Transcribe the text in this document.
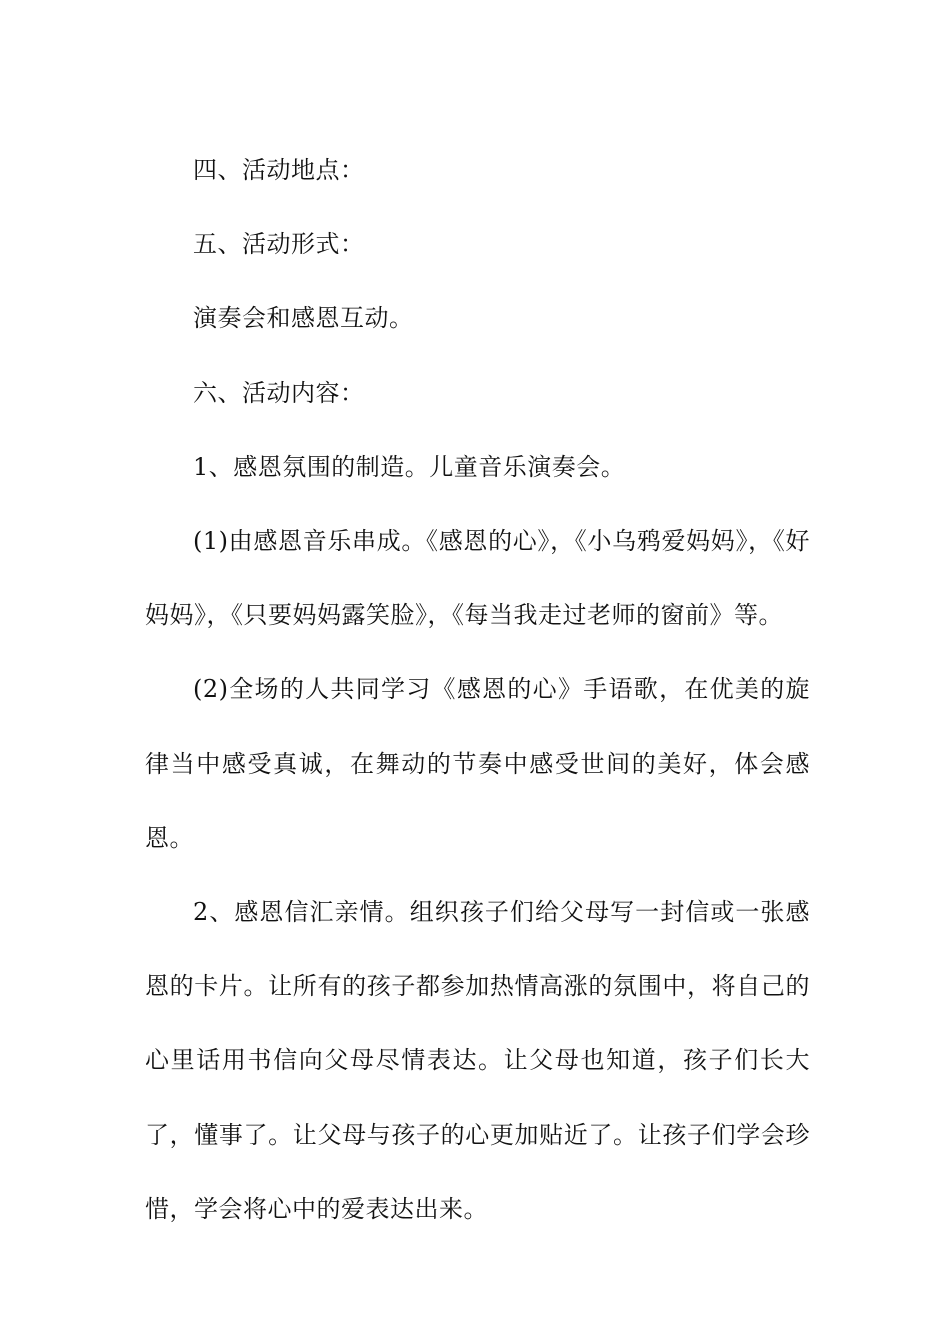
四、活动地点：

五、活动形式：

演奏会和感恩互动。

六、活动内容：

1、感恩氛围的制造。儿童音乐演奏会。

(1)由感恩音乐串成。《感恩的心》，《小乌鸦爱妈妈》，《好妈妈》，《只要妈妈露笑脸》，《每当我走过老师的窗前》等。

(2)全场的人共同学习《感恩的心》手语歌，在优美的旋律当中感受真诚，在舞动的节奏中感受世间的美好，体会感恩。

2、感恩信汇亲情。组织孩子们给父母写一封信或一张感恩的卡片。让所有的孩子都参加热情高涨的氛围中，将自己的心里话用书信向父母尽情表达。让父母也知道，孩子们长大了，懂事了。让父母与孩子的心更加贴近了。让孩子们学会珍惜，学会将心中的爱表达出来。
